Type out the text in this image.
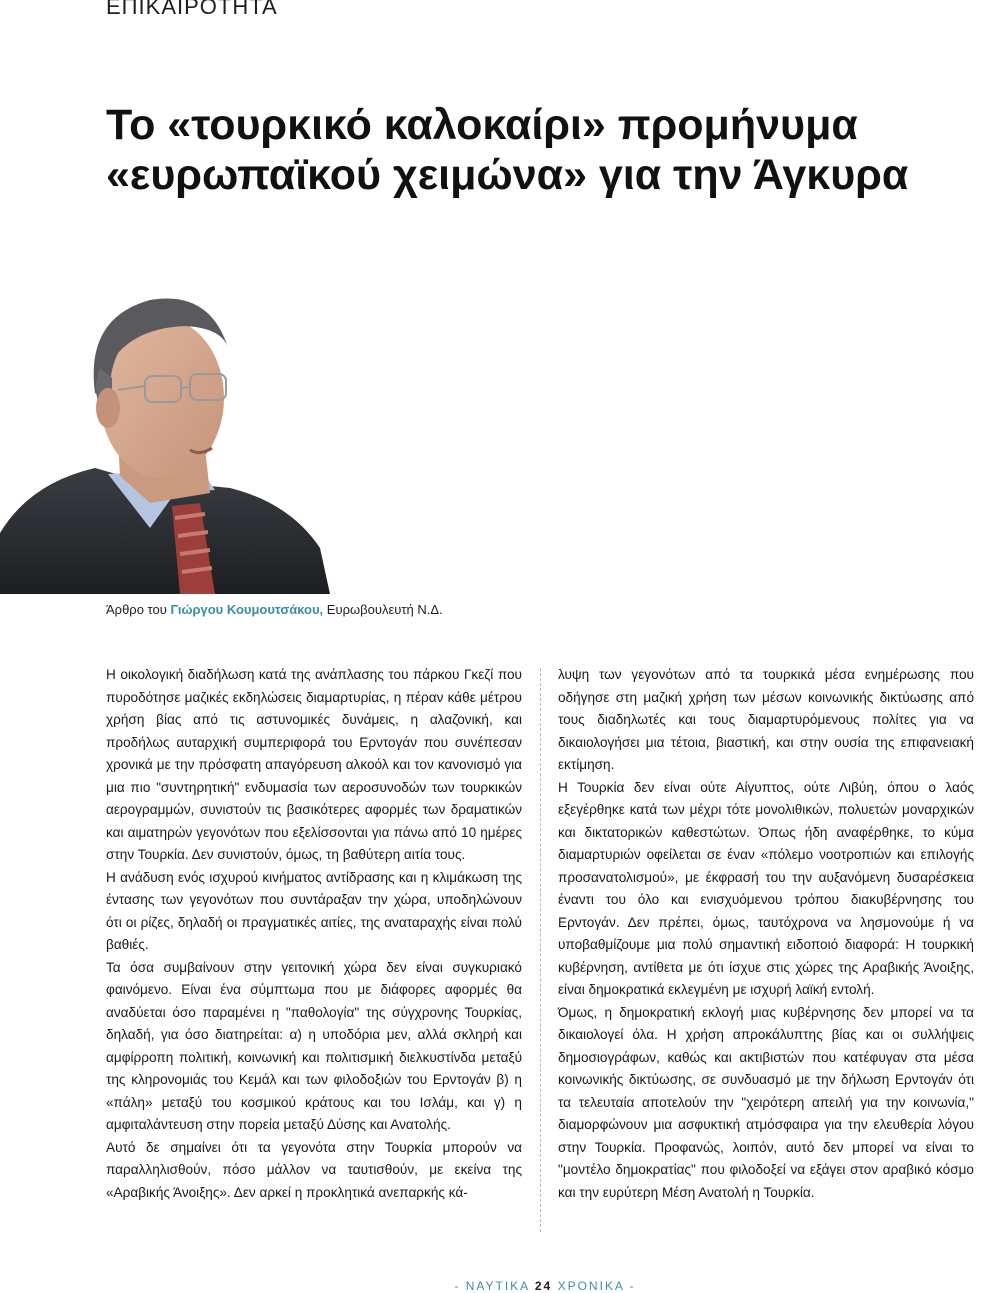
ΕΠΙΚΑΙΡΟΤΗΤΑ
Το «τουρκικό καλοκαίρι» προμήνυμα
«ευρωπαϊκού χειμώνα» για την Άγκυρα
Άρθρο του Γιώργου Κουμουτσάκου, Ευρωβουλευτή Ν.Δ.

Η οικολογική διαδήλωση κατά της ανάπλασης του πάρκου Γκεζί που πυροδότησε μαζικές εκδηλώσεις διαμαρτυρίας, η πέραν κάθε μέτρου χρήση βίας από τις αστυνομικές δυνάμεις, η αλαζονική, και προδήλως αυταρχική συμπεριφορά του Ερντογάν που συνέπεσαν χρονικά με την πρόσφατη απαγόρευση αλκοόλ και τον κανονισμό για μια πιο "συντηρητική" ενδυμασία των αεροσυνοδών των τουρκικών αερογραμμών, συνιστούν τις βασικότερες αφορμές των δραματικών και αιματηρών γεγονότων που εξελίσσονται για πάνω από 10 ημέρες στην Τουρκία. Δεν συνιστούν, όμως, τη βαθύτερη αιτία τους.

Η ανάδυση ενός ισχυρού κινήματος αντίδρασης και η κλιμάκωση της έντασης των γεγονότων που συντάραξαν την χώρα, υποδηλώνουν ότι οι ρίζες, δηλαδή οι πραγματικές αιτίες, της αναταραχής είναι πολύ βαθιές.

Τα όσα συμβαίνουν στην γειτονική χώρα δεν είναι συγκυριακό φαινόμενο. Είναι ένα σύμπτωμα που με διάφορες αφορμές θα αναδύεται όσο παραμένει η "παθολογία" της σύγχρονης Τουρκίας, δηλαδή, για όσο διατηρείται: α) η υποδόρια μεν, αλλά σκληρή και αμφίρροπη πολιτική, κοινωνική και πολιτισμική διελκυστίνδα μεταξύ της κληρονομιάς του Κεμάλ και των φιλοδοξιών του Ερντογάν β) η «πάλη» μεταξύ του κοσμικού κράτους και του Ισλάμ, και γ) η αμφιταλάντευση στην πορεία μεταξύ Δύσης και Ανατολής.

Αυτό δε σημαίνει ότι τα γεγονότα στην Τουρκία μπορούν να παραλληλισθούν, πόσο μάλλον να ταυτισθούν, με εκείνα της «Αραβικής Άνοιξης». Δεν αρκεί η προκλητικά ανεπαρκής κά-

λυψη των γεγονότων από τα τουρκικά μέσα ενημέρωσης που οδήγησε στη μαζική χρήση των μέσων κοινωνικής δικτύωσης από τους διαδηλωτές και τους διαμαρτυρόμενους πολίτες για να δικαιολογήσει μια τέτοια, βιαστική, και στην ουσία της επιφανειακή εκτίμηση.

Η Τουρκία δεν είναι ούτε Αίγυπτος, ούτε Λιβύη, όπου ο λαός εξεγέρθηκε κατά των μέχρι τότε μονολιθικών, πολυετών μοναρχικών και δικτατορικών καθεστώτων. Όπως ήδη αναφέρθηκε, το κύμα διαμαρτυριών οφείλεται σε έναν «πόλεμο νοοτροπιών και επιλογής προσανατολισμού», με έκφρασή του την αυξανόμενη δυσαρέσκεια έναντι του όλο και ενισχυόμενου τρόπου διακυβέρνησης του Ερντογάν. Δεν πρέπει, όμως, ταυτόχρονα να λησμονούμε ή να υποβαθμίζουμε μια πολύ σημαντική ειδοποιό διαφορά: Η τουρκική κυβέρνηση, αντίθετα με ότι ίσχυε στις χώρες της Αραβικής Άνοιξης, είναι δημοκρατικά εκλεγμένη με ισχυρή λαϊκή εντολή.

Όμως, η δημοκρατική εκλογή μιας κυβέρνησης δεν μπορεί να τα δικαιολογεί όλα. Η χρήση απροκάλυπτης βίας και οι συλλήψεις δημοσιογράφων, καθώς και ακτιβιστών που κατέφυγαν στα μέσα κοινωνικής δικτύωσης, σε συνδυασμό με την δήλωση Ερντογάν ότι τα τελευταία αποτελούν την "χειρότερη απειλή για την κοινωνία," διαμορφώνουν μια ασφυκτική ατμόσφαιρα για την ελευθερία λόγου στην Τουρκία. Προφανώς, λοιπόν, αυτό δεν μπορεί να είναι το "μοντέλο δημοκρατίας" που φιλοδοξεί να εξάγει στον αραβικό κόσμο και την ευρύτερη Μέση Ανατολή η Τουρκία.

- ΝΑΥΤΙΚΑ 24 ΧΡΟΝΙΚΑ -
